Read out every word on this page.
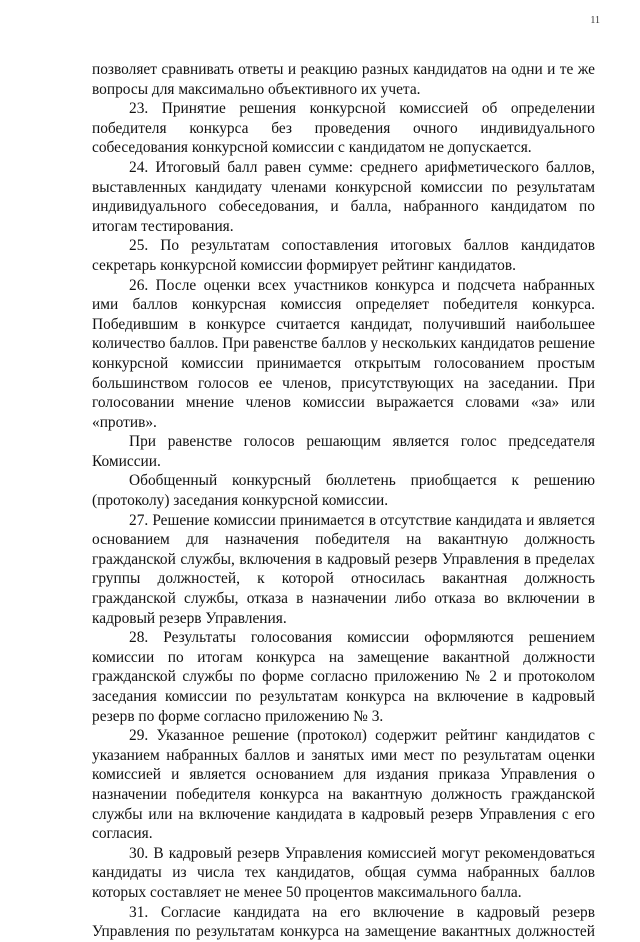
11

позволяет сравнивать ответы и реакцию разных кандидатов на одни и те же вопросы для максимально объективного их учета.

23. Принятие решения конкурсной комиссией об определении победителя конкурса без проведения очного индивидуального собеседования конкурсной комиссии с кандидатом не допускается.

24. Итоговый балл равен сумме: среднего арифметического баллов, выставленных кандидату членами конкурсной комиссии по результатам индивидуального собеседования, и балла, набранного кандидатом по итогам тестирования.

25. По результатам сопоставления итоговых баллов кандидатов секретарь конкурсной комиссии формирует рейтинг кандидатов.

26. После оценки всех участников конкурса и подсчета набранных ими баллов конкурсная комиссия определяет победителя конкурса. Победившим в конкурсе считается кандидат, получивший наибольшее количество баллов. При равенстве баллов у нескольких кандидатов решение конкурсной комиссии принимается открытым голосованием простым большинством голосов ее членов, присутствующих на заседании. При голосовании мнение членов комиссии выражается словами «за» или «против».

При равенстве голосов решающим является голос председателя Комиссии.

Обобщенный конкурсный бюллетень приобщается к решению (протоколу) заседания конкурсной комиссии.

27. Решение комиссии принимается в отсутствие кандидата и является основанием для назначения победителя на вакантную должность гражданской службы, включения в кадровый резерв Управления в пределах группы должностей, к которой относилась вакантная должность гражданской службы, отказа в назначении либо отказа во включении в кадровый резерв Управления.

28. Результаты голосования комиссии оформляются решением комиссии по итогам конкурса на замещение вакантной должности гражданской службы по форме согласно приложению № 2 и протоколом заседания комиссии по результатам конкурса на включение в кадровый резерв по форме согласно приложению № 3.

29. Указанное решение (протокол) содержит рейтинг кандидатов с указанием набранных баллов и занятых ими мест по результатам оценки комиссией и является основанием для издания приказа Управления о назначении победителя конкурса на вакантную должность гражданской службы или на включение кандидата в кадровый резерв Управления с его согласия.

30. В кадровый резерв Управления комиссией могут рекомендоваться кандидаты из числа тех кандидатов, общая сумма набранных баллов которых составляет не менее 50 процентов максимального балла.

31. Согласие кандидата на его включение в кадровый резерв Управления по результатам конкурса на замещение вакантных должностей
